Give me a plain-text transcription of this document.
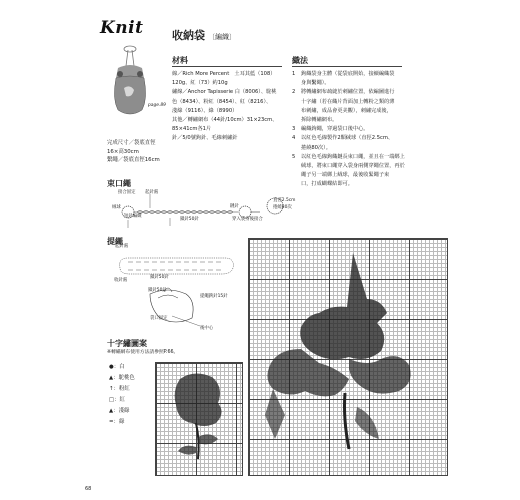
Knit	收納袋 〔編織〕
page.89
完成尺寸／袋底直徑
16×高30cm
繫繩／袋底直徑16cm
材料
線／Rich More Percent　土耳其藍（108）
120g、紅（73）約10g
繡線／Anchor Tapisserie 白（8006）、駝桃
色（8434）、粉紅（8454）、紅（8216）、
淺綠（9116）、綠（8990）
其他／轉繡網布（44針/10cm）31×23cm、
85×41cm各1片
針／5/0號鉤針、毛線刺繡針
織法
1 鉤織袋身主體（從袋底開始，接續編織袋
身與繫繩）。
2 將轉繡網布疏縫於刺繡位置，依編圖進行
十字繡（若在織片背面加上轉粉之類的薄
布刺繡，成品會更美觀），刺繡完成後，
拆除轉繡網布。
3 編織鉤繩，穿過袋口後中心。
4 以紅色毛線製作2顆絨球（直徑2.5cm、
捲繞80次）。
5 以紅色毛線鉤織鏈長束口繩，並且在一端綁上
絨球，將束口繩穿入袋身兩側穿繩位置，再於
繩子另一端綁上絨球，最後收緊繩子束
口，打成蝴蝶結即可。
束口繩
起針處
接合固定
絨球
短針編織
鎖針50針
鏈針
穿入袋身後接合
直徑2.5cm
捲繞80次
提繩
起針處
收針處
鎖針50針
鎖針50針
提繩鉤針15針
袋口固定
後中心
十字繡圖案
※轉繡網布使用方法請參照P.66。
●：白
▲：駝桃色
↑：粉紅
□：紅
▲：淺綠
=：綠
68
